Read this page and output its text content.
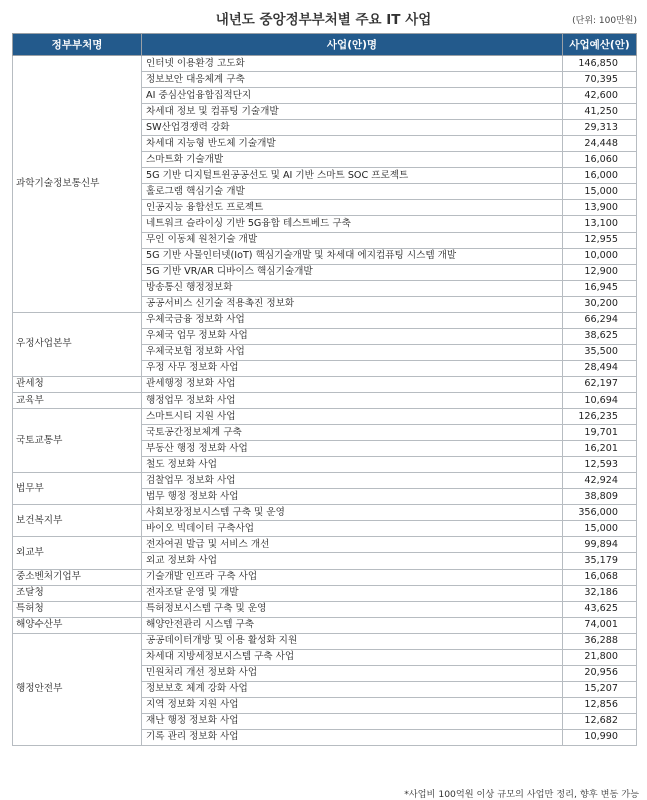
내년도 중앙정부부처별 주요 IT 사업	(단위: 100만원)
정부부처명	사업(안)명	사업예산(안)
과학기술정보통신부	인터넷 이용환경 고도화	146,850
	정보보안 대응체계 구축	70,395
	AI 중심산업융합집적단지	42,600
	차세대 정보 및 컴퓨팅 기술개발	41,250
	SW산업경쟁력 강화	29,313
	차세대 지능형 반도체 기술개발	24,448
	스마트화 기술개발	16,060
	5G 기반 디지털트윈공공선도 및 AI 기반 스마트 SOC 프로젝트	16,000
	홀로그램 핵심기술 개발	15,000
	인공지능 융합선도 프로젝트	13,900
	네트워크 슬라이싱 기반 5G융합 테스트베드 구축	13,100
	무인 이동체 원천기술 개발	12,955
	5G 기반 사물인터넷(IoT) 핵심기술개발 및 차세대 에지컴퓨팅 시스템 개발	10,000
	5G 기반 VR/AR 디바이스 핵심기술개발	12,900
	방송통신 행정정보화	16,945
	공공서비스 신기술 적용촉진 정보화	30,200
우정사업본부	우체국금융 정보화 사업	66,294
	우체국 업무 정보화 사업	38,625
	우체국보험 정보화 사업	35,500
	우정 사무 정보화 사업	28,494
관세청	관세행정 정보화 사업	62,197
교육부	행정업무 정보화 사업	10,694
국토교통부	스마트시티 지원 사업	126,235
	국토공간정보체계 구축	19,701
	부동산 행정 정보화 사업	16,201
	철도 정보화 사업	12,593
법무부	검찰업무 정보화 사업	42,924
	법무 행정 정보화 사업	38,809
보건복지부	사회보장정보시스템 구축 및 운영	356,000
	바이오 빅데이터 구축사업	15,000
외교부	전자여권 발급 및 서비스 개선	99,894
	외교 정보화 사업	35,179
중소벤처기업부	기술개발 인프라 구축 사업	16,068
조달청	전자조달 운영 및 개발	32,186
특허청	특허정보시스템 구축 및 운영	43,625
해양수산부	해양안전관리 시스템 구축	74,001
행정안전부	공공데이터개방 및 이용 활성화 지원	36,288
	차세대 지방세정보시스템 구축 사업	21,800
	민원처리 개선 정보화 사업	20,956
	정보보호 체계 강화 사업	15,207
	지역 정보화 지원 사업	12,856
	재난 행정 정보화 사업	12,682
	기록 관리 정보화 사업	10,990
*사업비 100억원 이상 규모의 사업만 정리, 향후 변동 가능
